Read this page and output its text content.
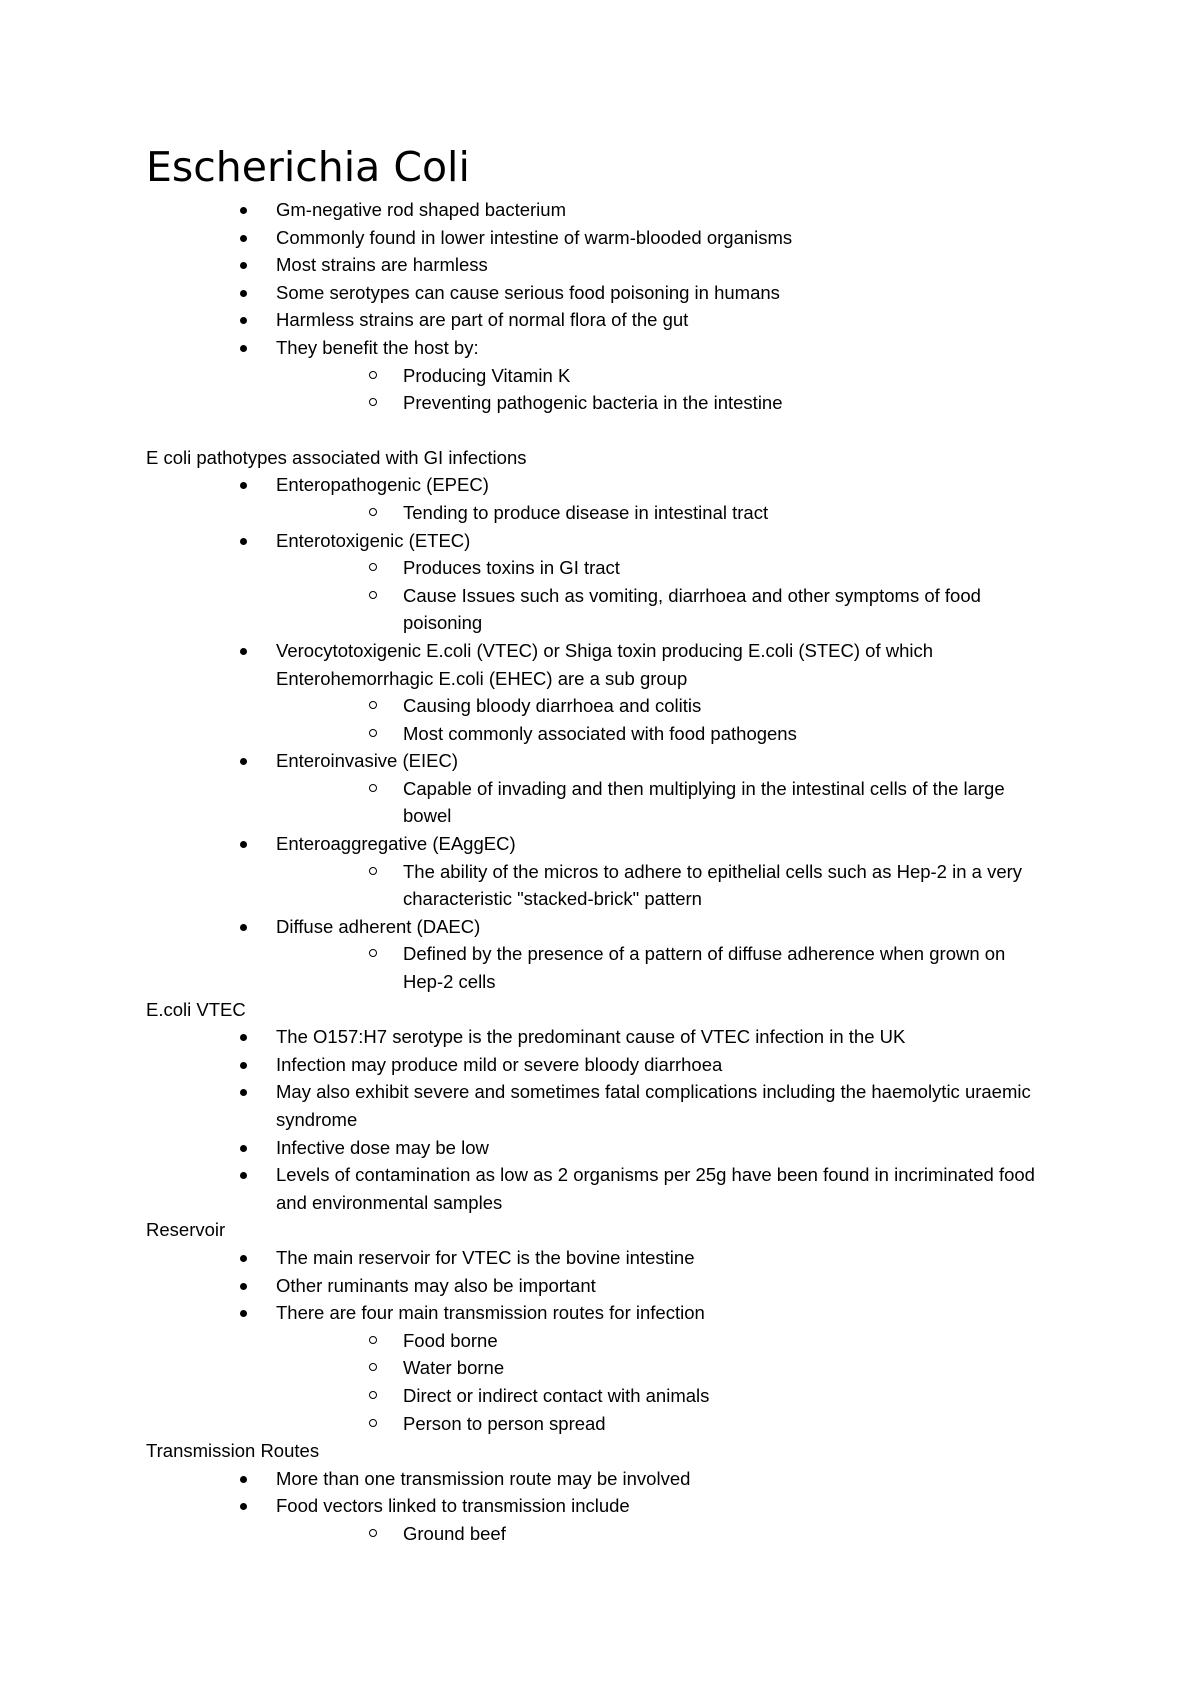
Escherichia Coli
Gm-negative rod shaped bacterium
Commonly found in lower intestine of warm-blooded organisms
Most strains are harmless
Some serotypes can cause serious food poisoning in humans
Harmless strains are part of normal flora of the gut
They benefit the host by:
Producing Vitamin K
Preventing pathogenic bacteria in the intestine
E coli pathotypes associated with GI infections
Enteropathogenic (EPEC)
Tending to produce disease in intestinal tract
Enterotoxigenic (ETEC)
Produces toxins in GI tract
Cause Issues such as vomiting, diarrhoea and other symptoms of food poisoning
Verocytotoxigenic E.coli (VTEC) or Shiga toxin producing E.coli (STEC) of which Enterohemorrhagic E.coli (EHEC) are a sub group
Causing bloody diarrhoea and colitis
Most commonly associated with food pathogens
Enteroinvasive (EIEC)
Capable of invading and then multiplying in the intestinal cells of the large bowel
Enteroaggregative (EAggEC)
The ability of the micros to adhere to epithelial cells such as Hep-2 in a very characteristic "stacked-brick" pattern
Diffuse adherent (DAEC)
Defined by the presence of a pattern of diffuse adherence when grown on Hep-2 cells
E.coli VTEC
The O157:H7 serotype is the predominant cause of VTEC infection in the UK
Infection may produce mild or severe bloody diarrhoea
May also exhibit severe and sometimes fatal complications including the haemolytic uraemic syndrome
Infective dose may be low
Levels of contamination as low as 2 organisms per 25g have been found in incriminated food and environmental samples
Reservoir
The main reservoir for VTEC is the bovine intestine
Other ruminants may also be important
There are four main transmission routes for infection
Food borne
Water borne
Direct or indirect contact with animals
Person to person spread
Transmission Routes
More than one transmission route may be involved
Food vectors linked to transmission include
Ground beef
